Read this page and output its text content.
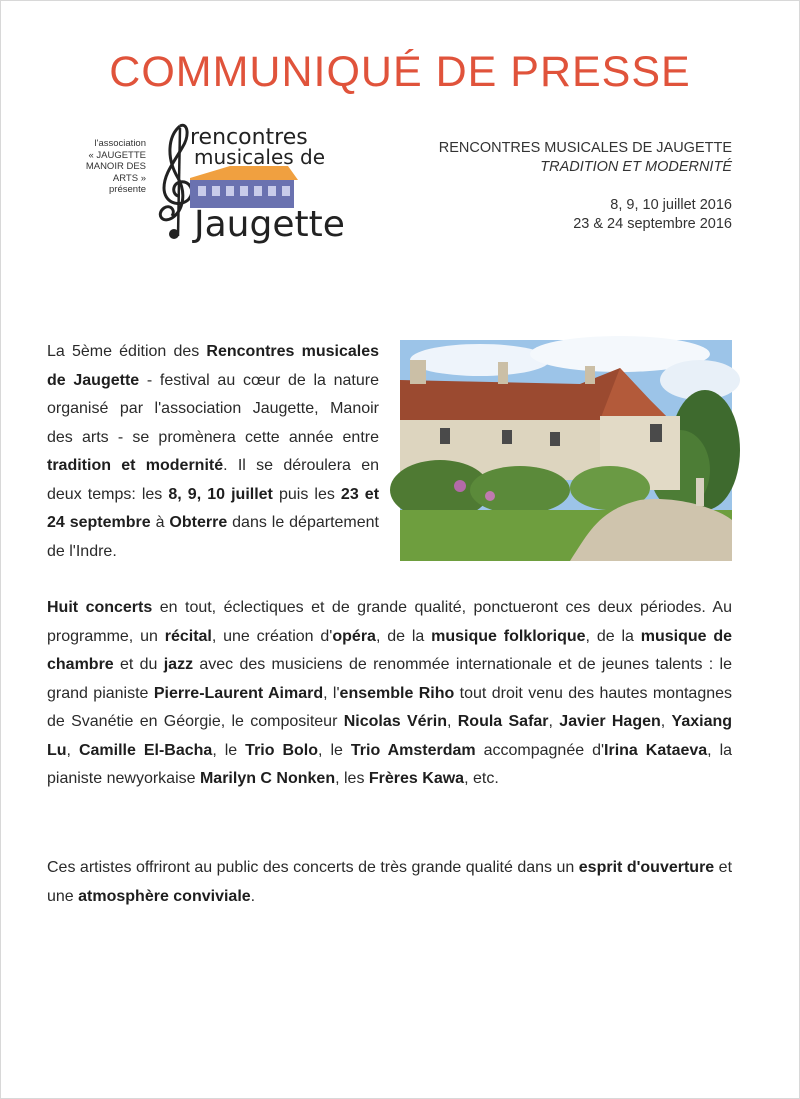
COMMUNIQUÉ DE PRESSE
l'association
« JAUGETTE
MANOIR DES ARTS »
présente
rencontres
musicales de
Jaugette
RENCONTRES MUSICALES DE JAUGETTE
TRADITION ET MODERNITÉ
8, 9, 10 juillet 2016
23 & 24 septembre 2016
La 5ème édition des Rencontres musicales de Jaugette - festival au cœur de la nature organisé par l'association Jaugette, Manoir des arts - se promènera cette année entre tradition et modernité. Il se déroulera en deux temps: les 8, 9, 10 juillet puis les 23 et 24 septembre à Obterre dans le département de l'Indre.
Huit concerts en tout, éclectiques et de grande qualité, ponctueront ces deux périodes. Au programme, un récital, une création d'opéra, de la musique folklorique, de la musique de chambre et du jazz avec des musiciens de renommée internationale et de jeunes talents : le grand pianiste Pierre-Laurent Aimard, l'ensemble Riho tout droit venu des hautes montagnes de Svanétie en Géorgie, le compositeur Nicolas Vérin, Roula Safar, Javier Hagen, Yaxiang Lu, Camille El-Bacha, le Trio Bolo, le Trio Amsterdam accompagnée d'Irina Kataeva, la pianiste newyorkaise Marilyn C Nonken, les Frères Kawa, etc.
Ces artistes offriront au public des concerts de très grande qualité dans un esprit d'ouverture et une atmosphère conviviale.
